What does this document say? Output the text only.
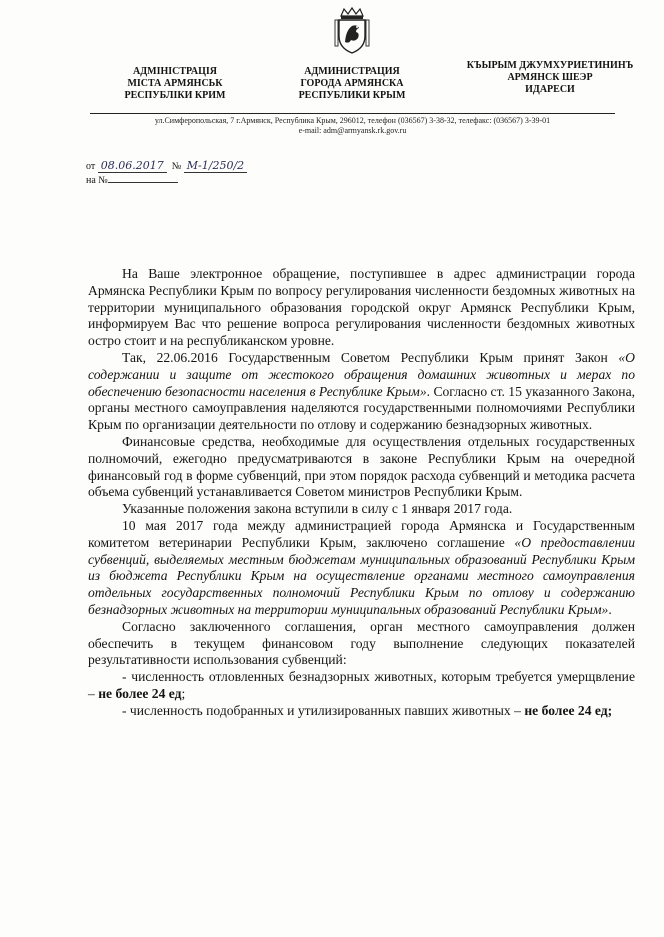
АДМІНІСТРАЦІЯ
МІСТА АРМЯНСЬК
РЕСПУБЛІКИ КРИМ
АДМИНИСТРАЦИЯ
ГОРОДА АРМЯНСКА
РЕСПУБЛИКИ КРЫМ
КЪЫРЫМ ДЖУМХУРИЕТИНИНЪ
АРМЯНСК ШЕЭР
ИДАРЕСИ
ул.Симферопольская, 7 г.Армянск, Республика Крым, 296012, телефон (036567) 3-38-32, телефакс: (036567) 3-39-01
e-mail: adm@armyansk.rk.gov.ru
от 08.06.2017 № M-1/250/2
на №

На Ваше электронное обращение, поступившее в адрес администрации города Армянска Республики Крым по вопросу регулирования численности бездомных животных на территории муниципального образования городской округ Армянск Республики Крым, информируем Вас что решение вопроса регулирования численности бездомных животных остро стоит и на республиканском уровне.

Так, 22.06.2016 Государственным Советом Республики Крым принят Закон «О содержании и защите от жестокого обращения домашних животных и мерах по обеспечению безопасности населения в Республике Крым». Согласно ст. 15 указанного Закона, органы местного самоуправления наделяются государственными полномочиями Республики Крым по организации деятельности по отлову и содержанию безнадзорных животных.

Финансовые средства, необходимые для осуществления отдельных государственных полномочий, ежегодно предусматриваются в законе Республики Крым на очередной финансовый год в форме субвенций, при этом порядок расхода субвенций и методика расчета объема субвенций устанавливается Советом министров Республики Крым.

Указанные положения закона вступили в силу с 1 января 2017 года.

10 мая 2017 года между администрацией города Армянска и Государственным комитетом ветеринарии Республики Крым, заключено соглашение «О предоставлении субвенций, выделяемых местным бюджетам муниципальных образований Республики Крым из бюджета Республики Крым на осуществление органами местного самоуправления отдельных государственных полномочий Республики Крым по отлову и содержанию безнадзорных животных на территории муниципальных образований Республики Крым».

Согласно заключенного соглашения, орган местного самоуправления должен обеспечить в текущем финансовом году выполнение следующих показателей результативности использования субвенций:

- численность отловленных безнадзорных животных, которым требуется умерщвление – не более 24 ед;

- численность подобранных и утилизированных павших животных – не более 24 ед;
